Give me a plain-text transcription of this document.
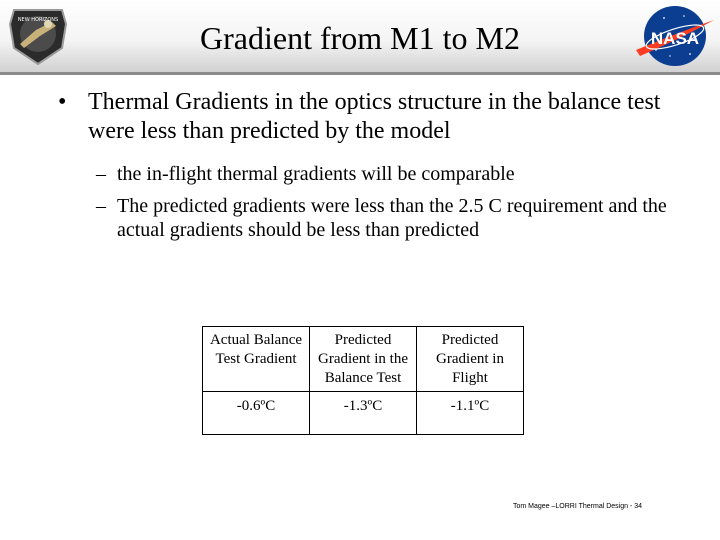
NEW HORIZONS	Gradient from M1 to M2	NASA
• Thermal Gradients in the optics structure in the balance test were less than predicted by the model
– the in-flight thermal gradients will be comparable
– The predicted gradients were less than the 2.5 C requirement and the actual gradients should be less than predicted
Actual Balance Test Gradient	Predicted Gradient in the Balance Test	Predicted Gradient in Flight
-0.6ºC	-1.3ºC	-1.1ºC
Tom Magee –LORRI Thermal Design - 34
